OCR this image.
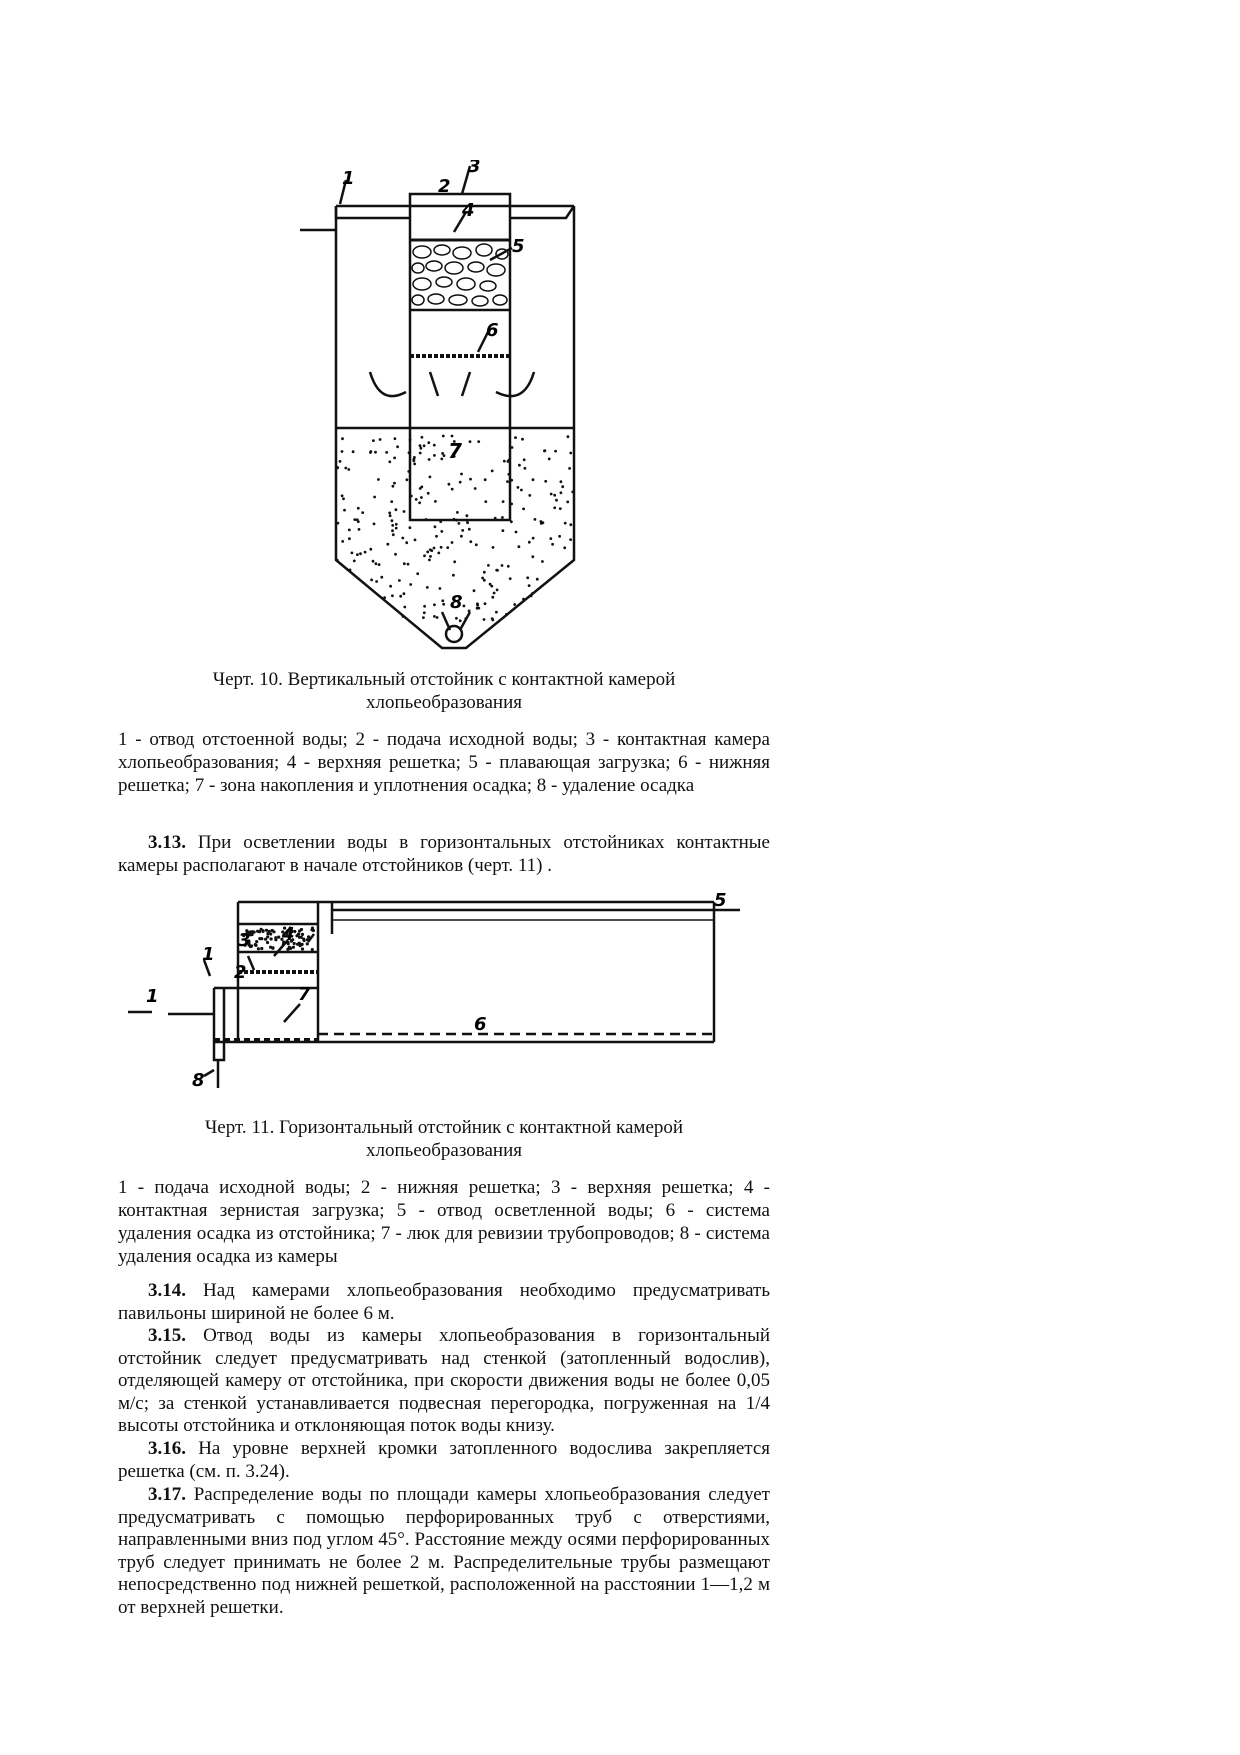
1	2
3
4
5
6
7
8
Черт. 10. Вертикальный отстойник с контактной камерой
хлопьеобразования

1 - отвод отстоенной воды; 2 - подача исходной воды; 3 - контактная камера хлопьеобразования; 4 - верхняя решетка; 5 - плавающая загрузка; 6 - нижняя решетка; 7 - зона накопления и уплотнения осадка; 8 - удаление осадка

3.13. При осветлении воды в горизонтальных отстойниках контактные камеры располагают в начале отстойников (черт. 11) .

1
2
3 4
5
6
7
8
1
Черт. 11. Горизонтальный отстойник с контактной камерой
хлопьеобразования

1 - подача исходной воды; 2 - нижняя решетка; 3 - верхняя решетка; 4 - контактная зернистая загрузка; 5 - отвод осветленной воды; 6 - система удаления осадка из отстойника; 7 - люк для ревизии трубопроводов; 8 - система удаления осадка из камеры

3.14. Над камерами хлопьеобразования необходимо предусматривать павильоны шириной не более 6 м.

3.15. Отвод воды из камеры хлопьеобразования в горизонтальный отстойник следует предусматривать над стенкой (затопленный водослив), отделяющей камеру от отстойника, при скорости движения воды не более 0,05 м/с; за стенкой устанавливается подвесная перегородка, погруженная на 1/4 высоты отстойника и отклоняющая поток воды книзу.

3.16. На уровне верхней кромки затопленного водослива закрепляется решетка (см. п. 3.24).

3.17. Распределение воды по площади камеры хлопьеобразования следует предусматривать с помощью перфорированных труб с отверстиями, направленными вниз под углом 45°. Расстояние между осями перфорированных труб следует принимать не более 2 м. Распределительные трубы размещают непосредственно под нижней решеткой, расположенной на расстоянии 1—1,2 м от верхней решетки.
